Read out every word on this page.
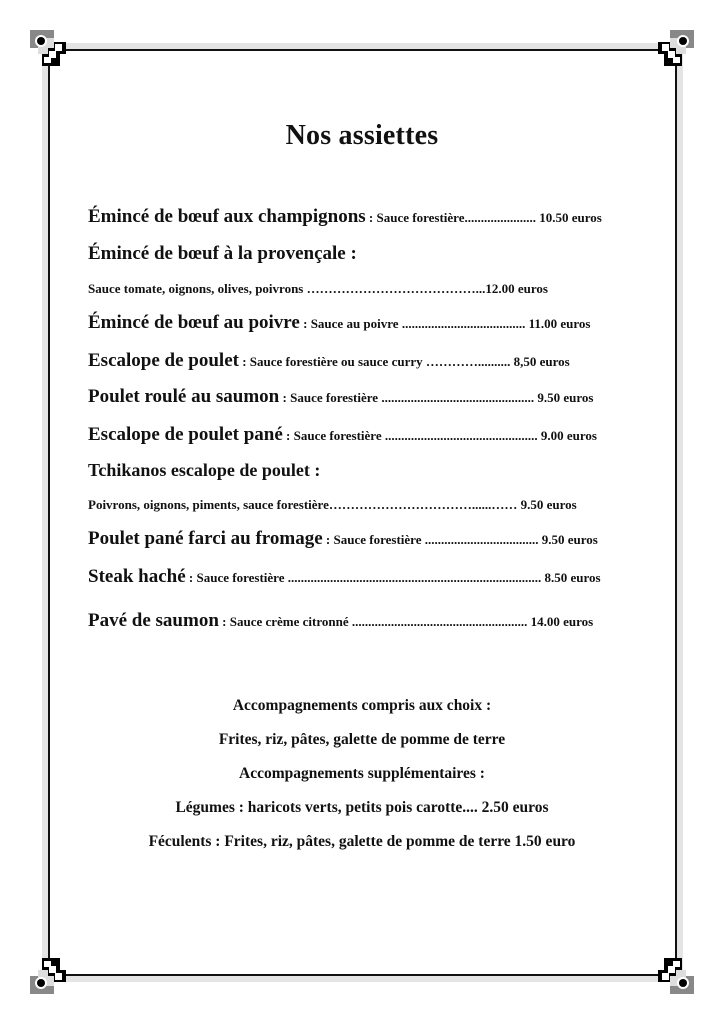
Nos assiettes
Émincé de bœuf aux champignons : Sauce forestière...................... 10.50 euros
Émincé de bœuf à la provençale :
Sauce tomate, oignons, olives, poivrons …………………………………...12.00 euros
Émincé de bœuf au poivre : Sauce au poivre ...................................... 11.00 euros
Escalope de poulet : Sauce forestière ou sauce curry ………….......... 8,50 euros
Poulet roulé au saumon : Sauce forestière ............................................... 9.50 euros
Escalope de poulet pané : Sauce forestière ............................................... 9.00 euros
Tchikanos escalope de poulet :
Poivrons, oignons, piments, sauce forestière……………………………......…… 9.50 euros
Poulet pané farci au fromage : Sauce forestière ................................... 9.50 euros
Steak haché : Sauce forestière .............................................................................. 8.50 euros
Pavé de saumon : Sauce crème citronné ...................................................... 14.00 euros
Accompagnements compris aux choix :
Frites, riz, pâtes, galette de pomme de terre
Accompagnements supplémentaires :
Légumes : haricots verts, petits pois carotte.... 2.50 euros
Féculents : Frites, riz, pâtes, galette de pomme de terre 1.50 euro
